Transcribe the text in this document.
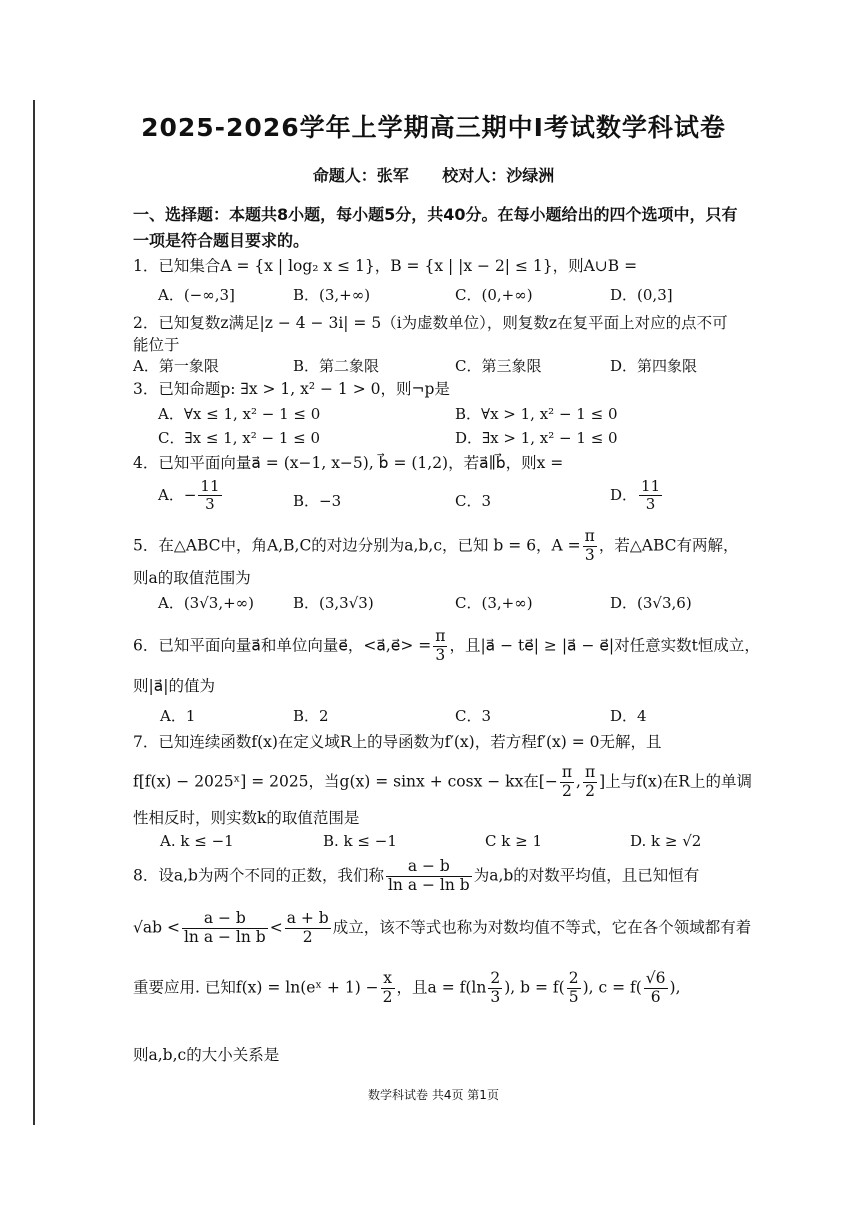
2025-2026学年上学期高三期中Ⅰ考试数学科试卷
命题人：张军 校对人：沙绿洲
一、选择题：本题共8小题，每小题5分，共40分。在每小题给出的四个选项中，只有
一项是符合题目要求的。
1．已知集合A = {x | log₂ x ≤ 1}，B = {x | |x − 2| ≤ 1}，则A∪B =
A．(−∞,3]	B．(3,+∞)	C．(0,+∞)	D．(0,3]
2．已知复数z满足|z − 4 − 3i| = 5（i为虚数单位），则复数z在复平面上对应的点不可
能位于
A．第一象限	B．第二象限	C．第三象限	D．第四象限
3．已知命题p: ∃x > 1, x² − 1 > 0，则¬p是
A．∀x ≤ 1, x² − 1 ≤ 0	B．∀x > 1, x² − 1 ≤ 0
C．∃x ≤ 1, x² − 1 ≤ 0	D．∃x > 1, x² − 1 ≤ 0
4．已知平面向量a⃗ = (x−1, x−5), b⃗ = (1,2)，若a⃗∥b⃗，则x =
A．− $\frac{11}{3}$	B．−3	C．3	D． $\frac{11}{3}$
5．在△ABC中，角A,B,C的对边分别为a,b,c，已知 b = 6，$A = \frac{\pi}{3}$ ，若△ABC有两解，
则a的取值范围为
A．(3√3,+∞)	B．(3,3√3)	C．(3,+∞)	D．(3√3,6)
6．已知平面向量a⃗和单位向量e⃗，<a⃗,e⃗> = $\frac{\pi}{3}$ ，且|a⃗ − te⃗| ≥ |a⃗ − e⃗|对任意实数t恒成立，
则|a⃗|的值为
A．1	B．2	C．3	D．4
7．已知连续函数f(x)在定义域R上的导函数为f′(x)，若方程f′(x) = 0无解，且
f[f(x) − 2025ˣ] = 2025，当g(x) = sinx + cosx − kx在[− $\frac{\pi}{2}$ , $\frac{\pi}{2}$ ]上与f(x)在R上的单调
性相反时，则实数k的取值范围是
A. k ≤ −1	B. k ≤ −1	C k ≥ 1	D. k ≥ √2
8．设a,b为两个不同的正数，我们称 $\frac{a - b}{\text{ln a − ln b}}$ 为a,b的对数平均值，且已知恒有
$√ab < \frac{a - b}{\text{ln a − ln b}} < \frac{a + b}{2}$ 成立，该不等式也称为对数均值不等式，它在各个领域都有着
重要应用. 已知f(x) = ln(eˣ + $1) - \frac{x}{2}$ ，且$a = f(\ln \frac{2}{3}$ ), $b = f( \frac{2}{5}$ ), $c = f( \frac{√6}{6}$ ),
则a,b,c的大小关系是
数学科试卷 共4页 第1页
